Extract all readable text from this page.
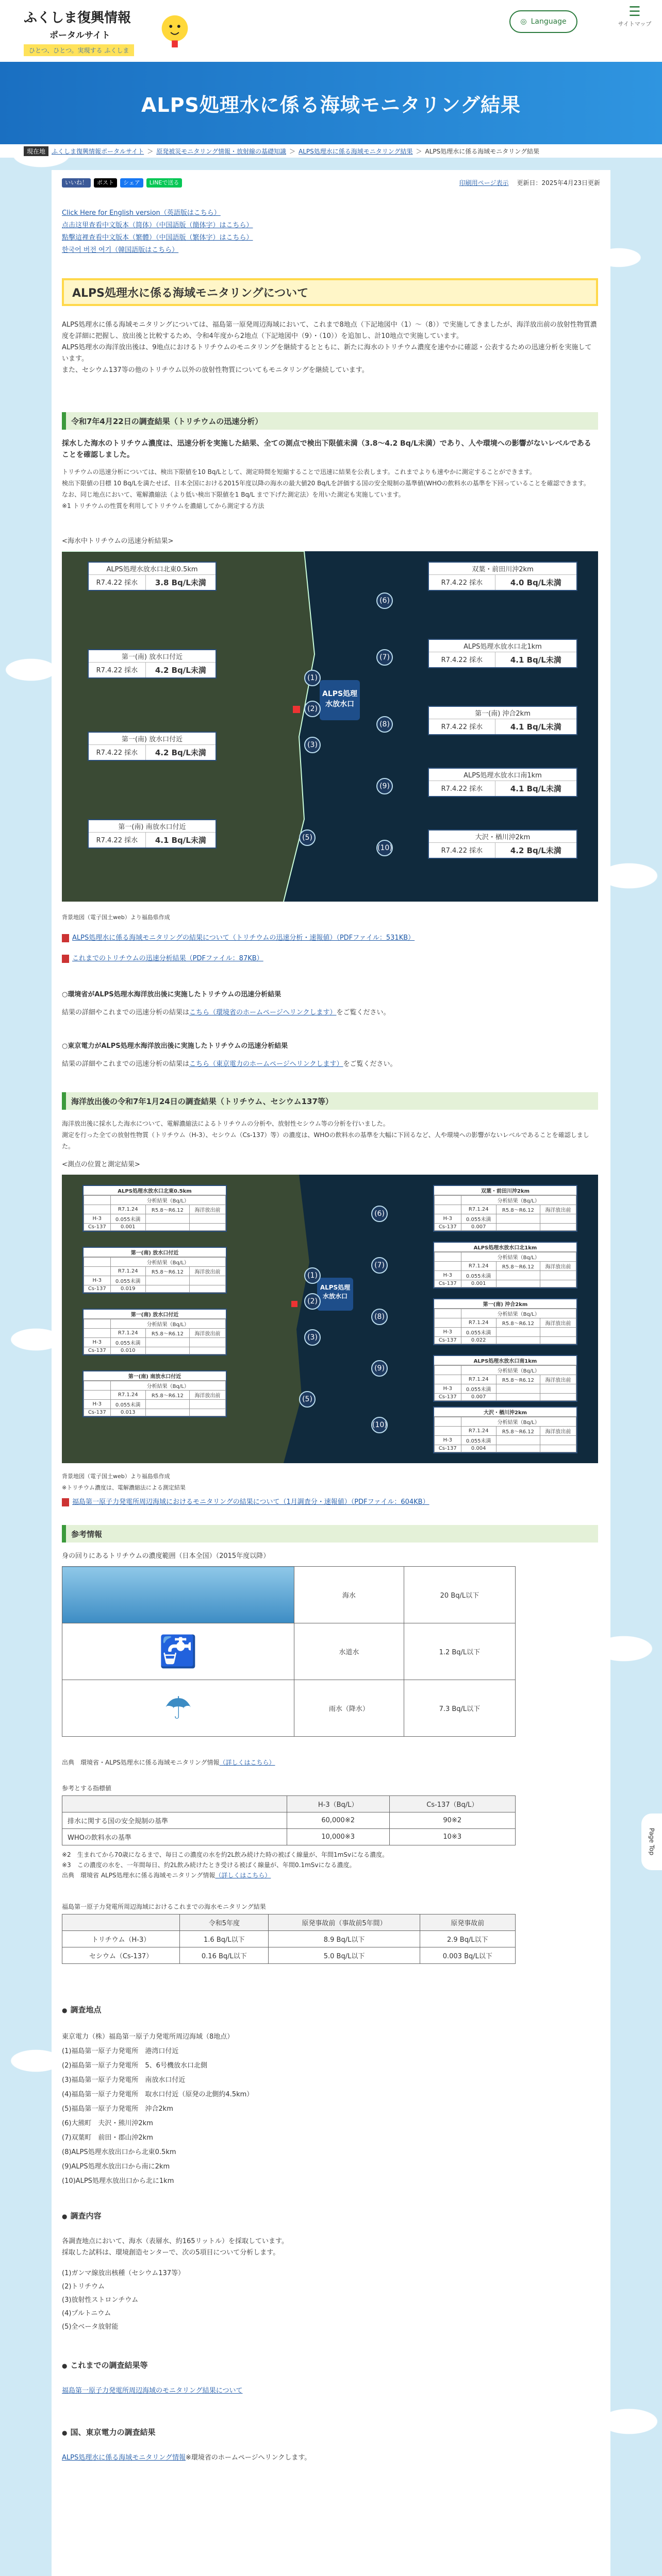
ふくしま復興情報
ポータルサイト
ひとつ、ひとつ。実現する ふくしま
◎ Language
☰
サイトマップ
ALPS処理水に係る海域モニタリング結果
現在地	ふくしま復興情報ポータルサイト ＞ 原発被災モニタリング情報・放射線の基礎知識 ＞ ALPS処理水に係る海域モニタリング結果 ＞ ALPS処理水に係る海域モニタリング結果
いいね！	ポスト	シェア	LINEで送る	印刷用ページ表示 更新日：2025年4月23日更新
Click Here for English version（英語版はこちら）
点击这里查看中文版本（简体）（中国語版（簡体字）はこちら）
點擊這裡查看中文版本（繁體）（中国語版（繁体字）はこちら）
한국어 버전 여기（韓国語版はこちら）
ALPS処理水に係る海域モニタリングについて
ALPS処理水に係る海域モニタリングについては、福島第一原発周辺海域において、これまで8地点（下記地図中（1）～（8））で実施してきましたが、海洋放出前の放射性物質濃度を詳細に把握し、放出後と比較するため、令和4年度から2地点（下記地図中（9）・（10））を追加し、計10地点で実施しています。
ALPS処理水の海洋放出後は、9地点におけるトリチウムのモニタリングを継続するとともに、新たに海水のトリチウム濃度を速やかに確認・公表するための迅速分析を実施しています。
また、セシウム137等の他のトリチウム以外の放射性物質についてもモニタリングを継続しています。
令和7年4月22日の調査結果（トリチウムの迅速分析）
採水した海水のトリチウム濃度は、迅速分析を実施した結果、全ての測点で検出下限値未満（3.8～4.2 Bq/L未満）であり、人や環境への影響がないレベルであることを確認しました。
トリチウムの迅速分析については、検出下限値を10 Bq/Lとして、測定時間を短縮することで迅速に結果を公表します。これまでよりも速やかに測定することができます。
検出下限値の目標 10 Bq/Lを満たせば、日本全国における2015年度以降の海水の最大値20 Bq/Lを評価する国の安全規制の基準値(WHOの飲料水の基準を下回っていることを確認できます。
なお、同じ地点において、電解濃縮法（より低い検出下限値を1 Bq/L まで下げた測定法）を用いた測定も実施しています。
※1 トリチウムの性質を利用してトリチウムを濃縮してから測定する方法
<海水中トリチウムの迅速分析結果>
ALPS処理水放水口
ALPS処理水放水口北東0.5km
R7.4.22 採水	3.8 Bq/L未満
第一(南) 放水口付近
R7.4.22 採水	4.2 Bq/L未満
第一(南) 放水口付近
R7.4.22 採水	4.2 Bq/L未満
第一(南) 南放水口付近
R7.4.22 採水	4.1 Bq/L未満
双葉・前田川沖2km
R7.4.22 採水	4.0 Bq/L未満
ALPS処理水放水口北1km
R7.4.22 採水	4.1 Bq/L未満
第一(南) 沖合2km
R7.4.22 採水	4.1 Bq/L未満
ALPS処理水放水口南1km
R7.4.22 採水	4.1 Bq/L未満
大沢・楢川沖2km
R7.4.22 採水	4.2 Bq/L未満
(6)
(7)
(1)
(2)
(8)
(3)
(9)
(5)
(10)
背景地図（電子国土web）より福島県作成
ALPS処理水に係る海域モニタリングの結果について（トリチウムの迅速分析・速報値）（PDFファイル：531KB）
これまでのトリチウムの迅速分析結果（PDFファイル：87KB）
○環境省がALPS処理水海洋放出後に実施したトリチウムの迅速分析結果
結果の詳細やこれまでの迅速分析の結果はこちら（環境省のホームページへリンクします）をご覧ください。
○東京電力がALPS処理水海洋放出後に実施したトリチウムの迅速分析結果
結果の詳細やこれまでの迅速分析の結果はこちら（東京電力のホームページへリンクします）をご覧ください。
海洋放出後の令和7年1月24日の調査結果（トリチウム、セシウム137等）
海洋放出後に採水した海水について、電解濃縮法によるトリチウムの分析や、放射性セシウム等の分析を行いました。
測定を行った全ての放射性物質（トリチウム（H-3）、セシウム（Cs-137）等）の濃度は、WHOの飲料水の基準を大幅に下回るなど、人や環境への影響がないレベルであることを確認しました。
<測点の位置と測定結果>
ALPS処理水放水口
ALPS処理水放水口北東0.5km
	分析結果（Bq/L）		
	R7.1.24	R5.8～R6.12	海洋放出前
H-3	0.055未満		
Cs-137	0.001		
(1)
第一(南) 放水口付近
	分析結果（Bq/L）		
	R7.1.24	R5.8～R6.12	海洋放出前
H-3	0.055未満		
Cs-137	0.019		
(2)
第一(南) 放水口付近
	分析結果（Bq/L）		
	R7.1.24	R5.8～R6.12	海洋放出前
H-3	0.055未満		
Cs-137	0.010		
(3)
第一(南) 南放水口付近
	分析結果（Bq/L）		
	R7.1.24	R5.8～R6.12	海洋放出前
H-3	0.055未満		
Cs-137	0.013		
(5)
双葉・前田川沖2km
	分析結果（Bq/L）		
	R7.1.24	R5.8～R6.12	海洋放出前
H-3	0.055未満		
Cs-137	0.007		
(6)
ALPS処理水放水口北1km
	分析結果（Bq/L）		
	R7.1.24	R5.8～R6.12	海洋放出前
H-3	0.055未満		
Cs-137	0.001		
(7)
第一(南) 沖合2km
	分析結果（Bq/L）		
	R7.1.24	R5.8～R6.12	海洋放出前
H-3	0.055未満		
Cs-137	0.022		
(8)
ALPS処理水放水口南1km
	分析結果（Bq/L）		
	R7.1.24	R5.8～R6.12	海洋放出前
H-3	0.055未満		
Cs-137	0.007		
(9)
大沢・楢川沖2km
	分析結果（Bq/L）		
	R7.1.24	R5.8～R6.12	海洋放出前
H-3	0.055未満		
Cs-137	0.004		
(10)
背景地図（電子国土web）より福島県作成
※トリチウム濃度は、電解濃縮法による測定結果
福島第一原子力発電所周辺海域におけるモニタリングの結果について（1月調査分・速報値）（PDFファイル：604KB）
参考情報
身の回りにあるトリチウムの濃度範囲（日本全国）（2015年度以降）
	海水	20 Bq/L以下
🚰	水道水	1.2 Bq/L以下
☂	雨水（降水）	7.3 Bq/L以下
出典　環境省・ALPS処理水に係る海域モニタリング情報（詳しくはこちら）
参考とする指標値
	H-3（Bq/L）	Cs-137（Bq/L）
排水に関する国の安全規制の基準	60,000※2	90※2
WHOの飲料水の基準	10,000※3	10※3
※2　生まれてから70歳になるまで、毎日この濃度の水を約2L飲み続けた時の被ばく線量が、年間1mSvになる濃度。
※3　この濃度の水を、一年間毎日、約2L飲み続けたとき受ける被ばく線量が、年間0.1mSvになる濃度。
出典　環境省 ALPS処理水に係る海域モニタリング情報（詳しくはこちら）
福島第一原子力発電所周辺海域におけるこれまでの海水モニタリング結果
	令和5年度	原発事故前（事故前5年間）	原発事故前
トリチウム（H-3）	1.6 Bq/L以下	8.9 Bq/L以下	2.9 Bq/L以下
セシウム（Cs-137）	0.16 Bq/L以下	5.0 Bq/L以下	0.003 Bq/L以下
● 調査地点
東京電力（株）福島第一原子力発電所周辺海域（8地点）
(1)福島第一原子力発電所　港湾口付近
(2)福島第一原子力発電所　5、6号機放水口北側
(3)福島第一原子力発電所　南放水口付近
(4)福島第一原子力発電所　取水口付近（原発の北側約4.5km）
(5)福島第一原子力発電所　沖合2km
(6)大熊町　夫沢・熊川沖2km
(7)双葉町　前田・郡山沖2km
(8)ALPS処理水放出口から北東0.5km
(9)ALPS処理水放出口から南に2km
(10)ALPS処理水放出口から北に1km
● 調査内容
各調査地点において、海水（表層水、約165リットル）を採取しています。
採取した試料は、環境創造センターで、次の5項目について分析します。
(1)ガンマ線放出核種（セシウム137等）
(2)トリチウム
(3)放射性ストロンチウム
(4)プルトニウム
(5)全ベータ放射能
● これまでの調査結果等
福島第一原子力発電所周辺海域のモニタリング結果について
● 国、東京電力の調査結果
ALPS処理水に係る海域モニタリング情報※環境省のホームページへリンクします。
Page Top
